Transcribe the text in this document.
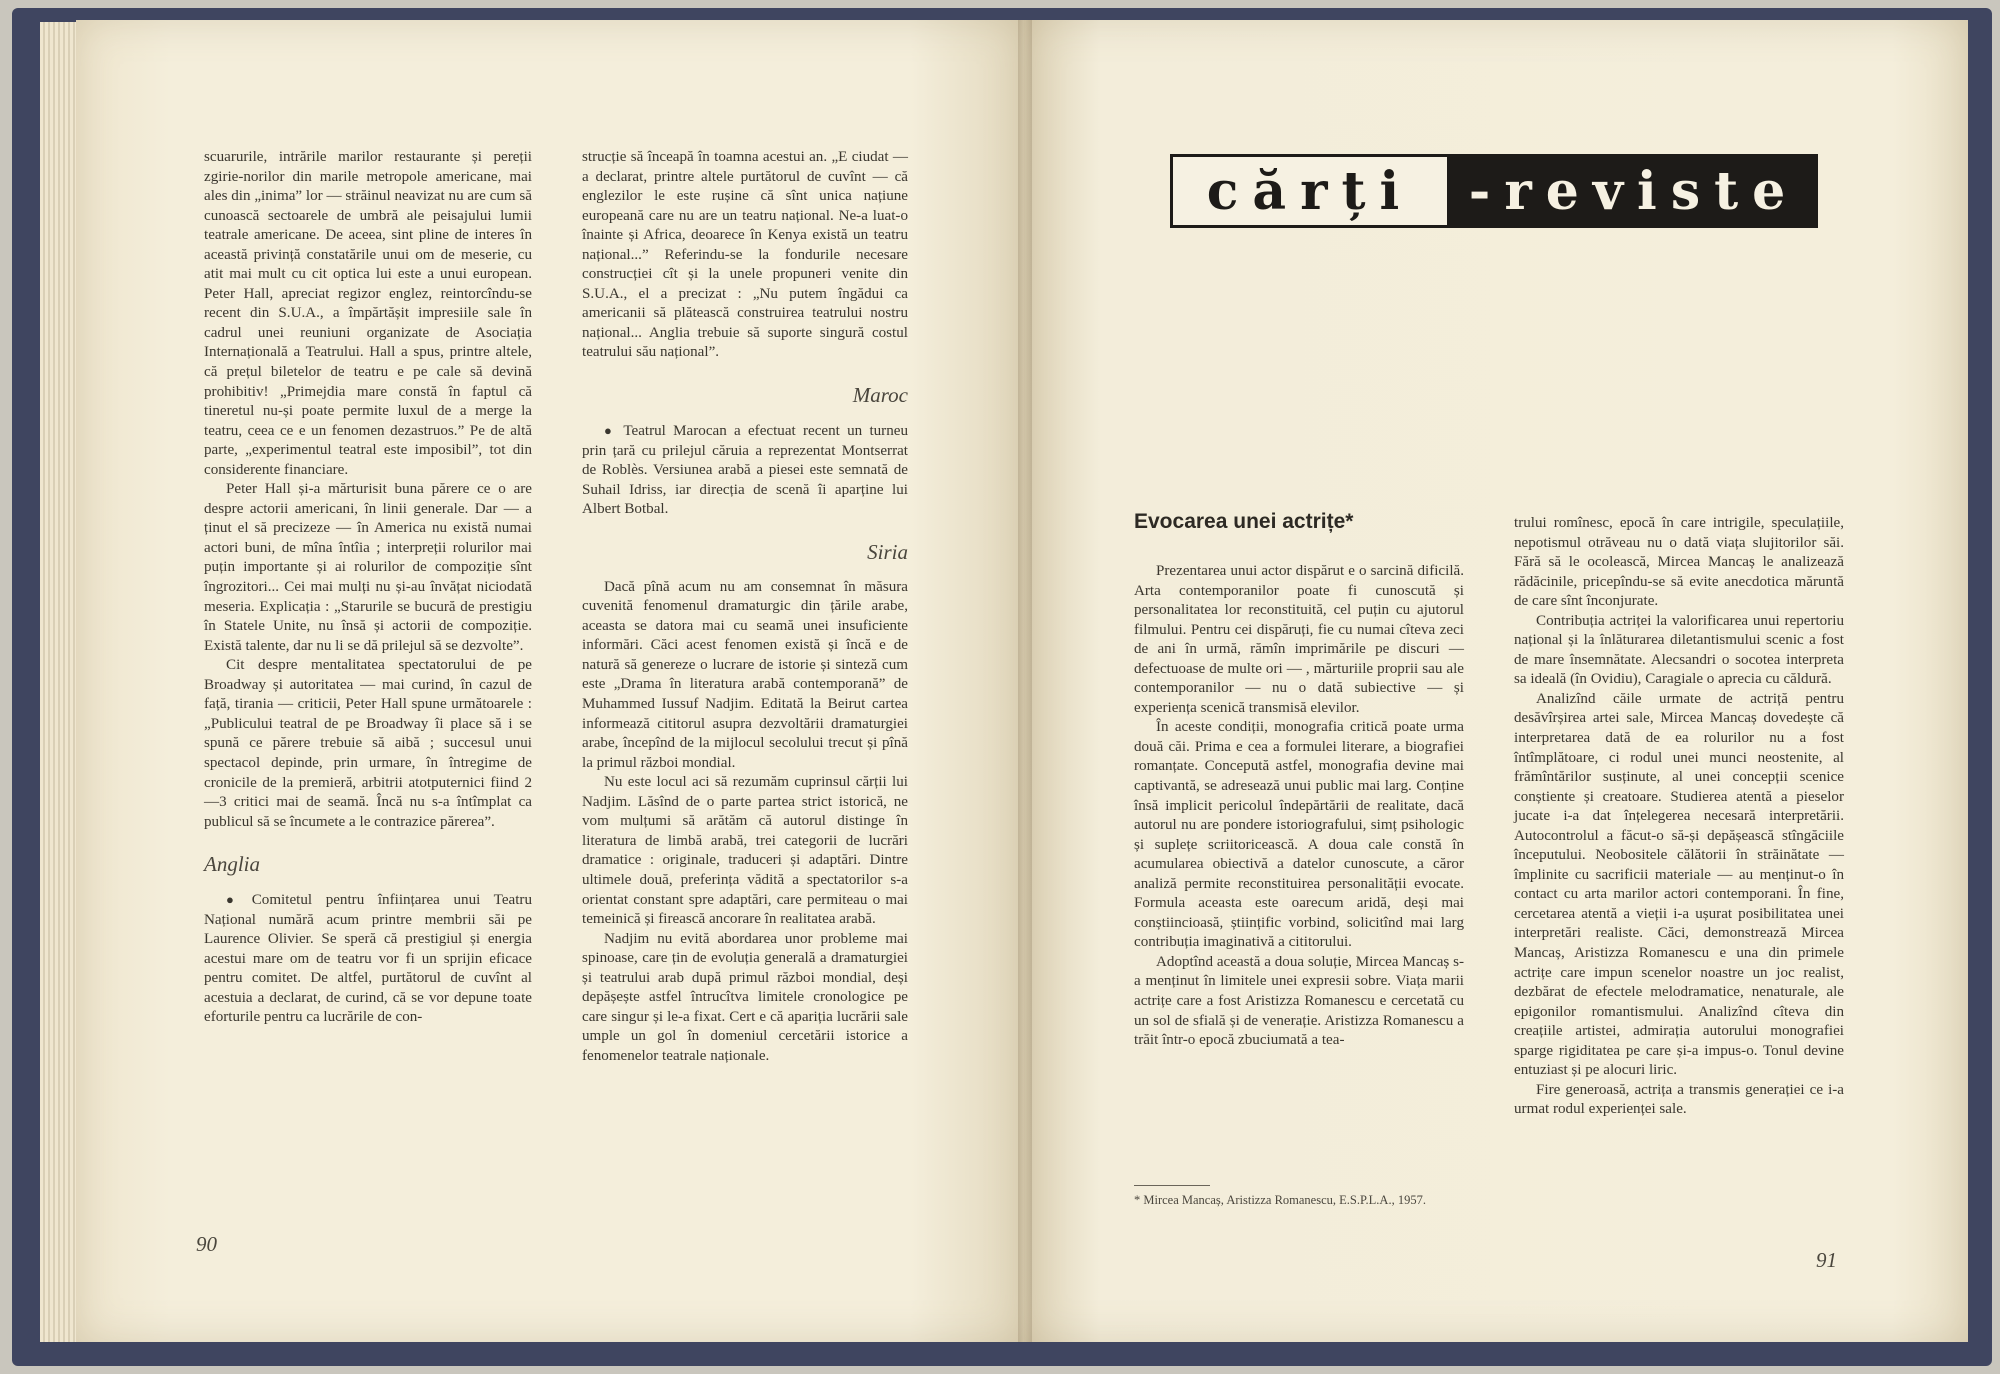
scuarurile, intrările marilor restaurante și pereții zgirie-norilor din marile metropole americane, mai ales din „inima” lor — străinul neavizat nu are cum să cunoască sectoarele de umbră ale peisajului lumii teatrale americane. De aceea, sint pline de interes în această privință constatările unui om de meserie, cu atit mai mult cu cit optica lui este a unui european. Peter Hall, apreciat regizor englez, reintorcîndu-se recent din S.U.A., a împărtășit impresiile sale în cadrul unei reuniuni organizate de Asociația Internațională a Teatrului. Hall a spus, printre altele, că prețul biletelor de teatru e pe cale să devină prohibitiv! „Primejdia mare constă în faptul că tineretul nu-și poate permite luxul de a merge la teatru, ceea ce e un fenomen dezastruos.” Pe de altă parte, „experimentul teatral este imposibil”, tot din considerente financiare.

Peter Hall și-a mărturisit buna părere ce o are despre actorii americani, în linii generale. Dar — a ținut el să precizeze — în America nu există numai actori buni, de mîna întîia ; interpreții rolurilor mai puțin importante și ai rolurilor de compoziție sînt îngrozitori... Cei mai mulți nu și-au învățat niciodată meseria. Explicația : „Starurile se bucură de prestigiu în Statele Unite, nu însă și actorii de compoziție. Există talente, dar nu li se dă prilejul să se dezvolte”.

Cit despre mentalitatea spectatorului de pe Broadway și autoritatea — mai curind, în cazul de față, tirania — criticii, Peter Hall spune următoarele : „Publicului teatral de pe Broadway îi place să i se spună ce părere trebuie să aibă ; succesul unui spectacol depinde, prin urmare, în întregime de cronicile de la premieră, arbitrii atotputernici fiind 2—3 critici mai de seamă. Încă nu s-a întîmplat ca publicul să se încumete a le contrazice părerea”.

Anglia

● Comitetul pentru înființarea unui Teatru Național numără acum printre membrii săi pe Laurence Olivier. Se speră că prestigiul și energia acestui mare om de teatru vor fi un sprijin eficace pentru comitet. De altfel, purtătorul de cuvînt al acestuia a declarat, de curind, că se vor depune toate eforturile pentru ca lucrările de con-

strucție să înceapă în toamna acestui an. „E ciudat — a declarat, printre altele purtătorul de cuvînt — că englezilor le este rușine că sînt unica națiune europeană care nu are un teatru național. Ne-a luat-o înainte și Africa, deoarece în Kenya există un teatru național...” Referindu-se la fondurile necesare construcției cît și la unele propuneri venite din S.U.A., el a precizat : „Nu putem îngădui ca americanii să plătească construirea teatrului nostru național... Anglia trebuie să suporte singură costul teatrului său național”.

Maroc

● Teatrul Marocan a efectuat recent un turneu prin țară cu prilejul căruia a reprezentat Montserrat de Roblès. Versiunea arabă a piesei este semnată de Suhail Idriss, iar direcția de scenă îi aparține lui Albert Botbal.

Siria

Dacă pînă acum nu am consemnat în măsura cuvenită fenomenul dramaturgic din țările arabe, aceasta se datora mai cu seamă unei insuficiente informări. Căci acest fenomen există și încă e de natură să genereze o lucrare de istorie și sinteză cum este „Drama în literatura arabă contemporană” de Muhammed Iussuf Nadjim. Editată la Beirut cartea informează cititorul asupra dezvoltării dramaturgiei arabe, începînd de la mijlocul secolului trecut și pînă la primul război mondial.

Nu este locul aci să rezumăm cuprinsul cărții lui Nadjim. Lăsînd de o parte partea strict istorică, ne vom mulțumi să arătăm că autorul distinge în literatura de limbă arabă, trei categorii de lucrări dramatice : originale, traduceri și adaptări. Dintre ultimele două, preferința vădită a spectatorilor s-a orientat constant spre adaptări, care permiteau o mai temeinică și firească ancorare în realitatea arabă.

Nadjim nu evită abordarea unor probleme mai spinoase, care țin de evoluția generală a dramaturgiei și teatrului arab după primul război mondial, deși depășește astfel întrucîtva limitele cronologice pe care singur și le-a fixat. Cert e că apariția lucrării sale umple un gol în domeniul cercetării istorice a fenomenelor teatrale naționale.

90
cărți	-reviste
Evocarea unei actrițe*

Prezentarea unui actor dispărut e o sarcină dificilă. Arta contemporanilor poate fi cunoscută și personalitatea lor reconstituită, cel puțin cu ajutorul filmului. Pentru cei dispăruți, fie cu numai cîteva zeci de ani în urmă, rămîn imprimările pe discuri — defectuoase de multe ori — , mărturiile proprii sau ale contemporanilor — nu o dată subiective — și experiența scenică transmisă elevilor.

În aceste condiții, monografia critică poate urma două căi. Prima e cea a formulei literare, a biografiei romanțate. Concepută astfel, monografia devine mai captivantă, se adresează unui public mai larg. Conține însă implicit pericolul îndepărtării de realitate, dacă autorul nu are pondere istoriografului, simț psihologic și suplețe scriitoricească. A doua cale constă în acumularea obiectivă a datelor cunoscute, a căror analiză permite reconstituirea personalității evocate. Formula aceasta este oarecum aridă, deși mai conștiincioasă, științific vorbind, solicitînd mai larg contribuția imaginativă a cititorului.

Adoptînd această a doua soluție, Mircea Mancaș s-a menținut în limitele unei expresii sobre. Viața marii actrițe care a fost Aristizza Romanescu e cercetată cu un sol de sfială și de venerație. Aristizza Romanescu a trăit într-o epocă zbuciumată a tea-

* Mircea Mancaș, Aristizza Romanescu, E.S.P.L.A., 1957.

trului romînesc, epocă în care intrigile, speculațiile, nepotismul otrăveau nu o dată viața slujitorilor săi. Fără să le ocolească, Mircea Mancaș le analizează rădăcinile, pricepîndu-se să evite anecdotica măruntă de care sînt înconjurate.

Contribuția actriței la valorificarea unui repertoriu național și la înlăturarea diletantismului scenic a fost de mare însemnătate. Alecsandri o socotea interpreta sa ideală (în Ovidiu), Caragiale o aprecia cu căldură.

Analizînd căile urmate de actriță pentru desăvîrșirea artei sale, Mircea Mancaș dovedește că interpretarea dată de ea rolurilor nu a fost întîmplătoare, ci rodul unei munci neostenite, al frămîntărilor susținute, al unei concepții scenice conștiente și creatoare. Studierea atentă a pieselor jucate i-a dat înțelegerea necesară interpretării. Autocontrolul a făcut-o să-și depășească stîngăciile începutului. Neobositele călătorii în străinătate — împlinite cu sacrificii materiale — au menținut-o în contact cu arta marilor actori contemporani. În fine, cercetarea atentă a vieții i-a ușurat posibilitatea unei interpretări realiste. Căci, demonstrează Mircea Mancaș, Aristizza Romanescu e una din primele actrițe care impun scenelor noastre un joc realist, dezbărat de efectele melodramatice, nenaturale, ale epigonilor romantismului. Analizînd cîteva din creațiile artistei, admirația autorului monografiei sparge rigiditatea pe care și-a impus-o. Tonul devine entuziast și pe alocuri liric.

Fire generoasă, actrița a transmis generației ce i-a urmat rodul experienței sale.

91
